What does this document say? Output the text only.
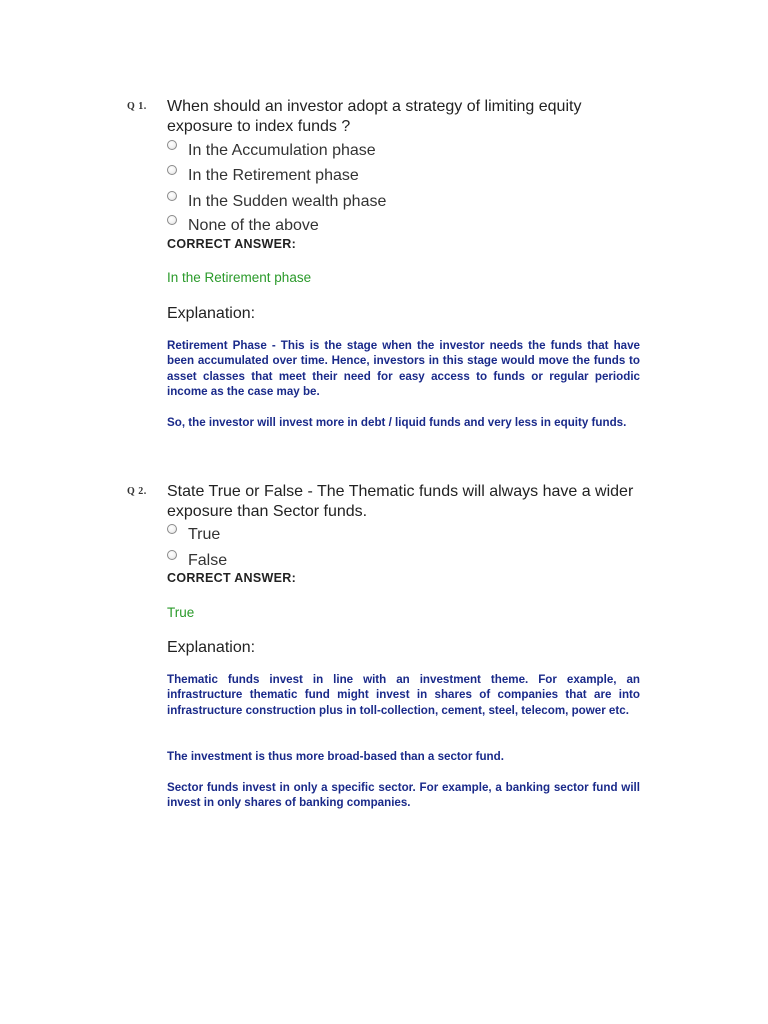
Q 1. When should an investor adopt a strategy of limiting equity exposure to index funds ?
In the Accumulation phase
In the Retirement phase
In the Sudden wealth phase
None of the above
CORRECT ANSWER:
In the Retirement phase
Explanation:

Retirement Phase - This is the stage when the investor needs the funds that have been accumulated over time. Hence, investors in this stage would move the funds to asset classes that meet their need for easy access to funds or regular periodic income as the case may be.

So, the investor will invest more in debt / liquid funds and very less in equity funds.

Q 2. State True or False - The Thematic funds will always have a wider exposure than Sector funds.
True
False
CORRECT ANSWER:
True
Explanation:

Thematic funds invest in line with an investment theme. For example, an infrastructure thematic fund might invest in shares of companies that are into infrastructure construction plus in toll-collection, cement, steel, telecom, power etc.

The investment is thus more broad-based than a sector fund.

Sector funds invest in only a specific sector. For example, a banking sector fund will invest in only shares of banking companies.
